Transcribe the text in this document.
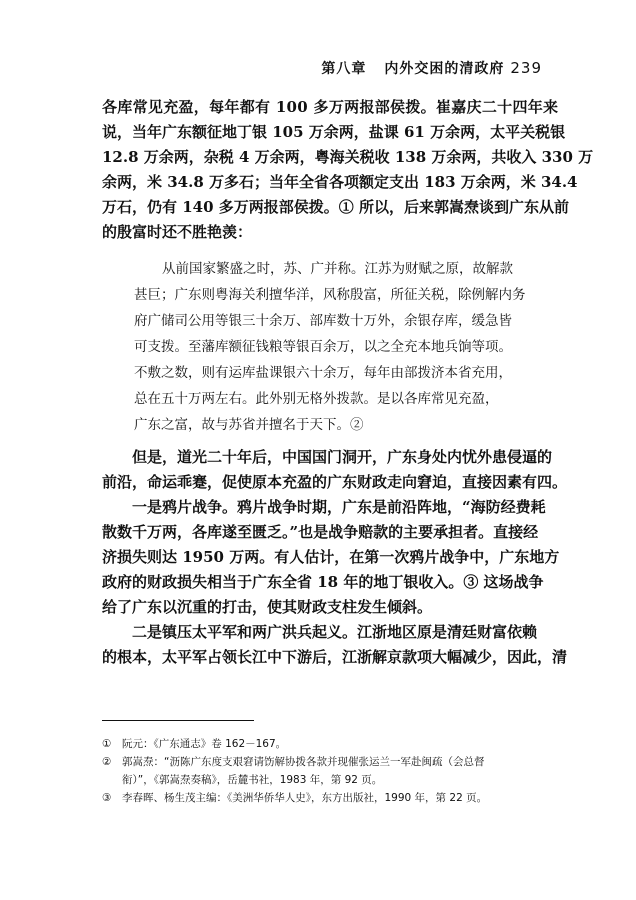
第八章 内外交困的清政府 239
各库常见充盈，每年都有 100 多万两报部侯拨。崔嘉庆二十四年来
说，当年广东额征地丁银 105 万余两，盐课 61 万余两，太平关税银
12.8 万余两，杂税 4 万余两，粤海关税收 138 万余两，共收入 330 万
余两，米 34.8 万多石；当年全省各项额定支出 183 万余两，米 34.4
万石，仍有 140 多万两报部侯拨。① 所以，后来郭嵩焘谈到广东从前
的殷富时还不胜艳羡：
从前国家繁盛之时，苏、广并称。江苏为财赋之原，故解款
甚巨；广东则粤海关利擅华洋，风称殷富，所征关税，除例解内务
府广储司公用等银三十余万、部库数十万外，余银存库，缓急皆
可支拨。至藩库额征钱粮等银百余万，以之全充本地兵饷等项。
不敷之数，则有运库盐课银六十余万，每年由部拨济本省充用，
总在五十万两左右。此外别无格外拨款。是以各库常见充盈，
广东之富，故与苏省并擅名于天下。②
但是，道光二十年后，中国国门洞开，广东身处内忧外患侵逼的
前沿，命运乖蹇，促使原本充盈的广东财政走向窘迫，直接因素有四。
一是鸦片战争。鸦片战争时期，广东是前沿阵地，“海防经费耗
散数千万两，各库遂至匮乏。”也是战争赔款的主要承担者。直接经
济损失则达 1950 万两。有人估计，在第一次鸦片战争中，广东地方
政府的财政损失相当于广东全省 18 年的地丁银收入。③ 这场战争
给了广东以沉重的打击，使其财政支柱发生倾斜。
二是镇压太平军和两广洪兵起义。江浙地区原是清廷财富依赖
的根本，太平军占领长江中下游后，江浙解京款项大幅减少，因此，清
① 阮元：《广东通志》卷 162－167。
② 郭嵩焘：“沥陈广东度支艰窘请饬解协拨各款并现催张运兰一军赴闽疏（会总督
衔）”，《郭嵩焘奏稿》，岳麓书社，1983 年，第 92 页。
③ 李春晖、杨生茂主编：《美洲华侨华人史》，东方出版社，1990 年，第 22 页。
